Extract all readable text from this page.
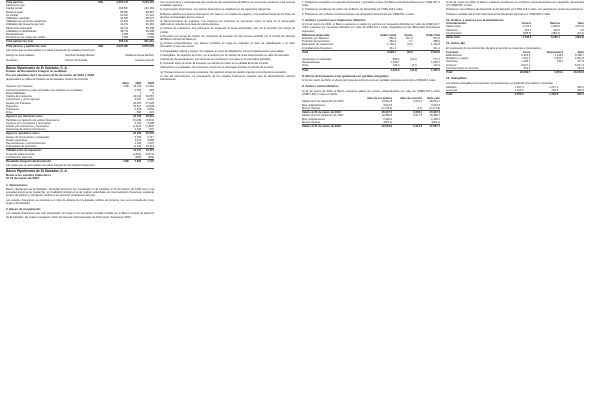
Total pasivos	US$	2,655,477	2,374,116
Patrimonio neto			
Capital social		166,557	121,463
Reserva legal		89,997	89,997
De capital		24,623	21,124
Utilidades retenidas		36,087	38,547
Utilidades de ejercicios anteriores		22,615	15,263
Utilidades del presente ejercicio		13,472	23,284
Patrimonio restringido		92,711	59,398
Utilidades no distribuibles		92,711	59,398
Revaluaciones		2,058	2,058
Provisiones por riesgo de crédito		2,058	2,058
Total patrimonio neto		366,107	301,410
Total pasivos y patrimonio neto	US$	3,021,584	2,675,526
Las notas que se acompañan son parte integral de los estados financieros.
Rodrigo de Jesús Gallardo	José Raúl Santiago Méndez	Natalia de Amaya Sánchez
Presidente	Director de Finanzas	Contador General
Banco Hipotecario de El Salvador, S. A.
Estado de Resultados Integral no auditado
Por los períodos del 1 de enero al 31 de marzo de 2024 y 2023
(Expresados en Miles de Dólares de los Estados Unidos de América)
	Nota	2024	2023
Ingresos por intereses	US$	44,715	37,916
Activos financieros a valor razonable con cambios en resultados		1,057	962
Disponibilidades		0	0
Cartera de préstamos		40,011	33,867
Comisiones y otros ingresos		3,647	3,087
Gastos por intereses		20,976	17,025
Depósitos		15,617	12,849
Préstamos		4,516	3,552
Otros		843	624
Ingresos por intereses netos		23,739	20,891
Pérdidas por deterioro de activos financieros		(5,118)	(3,612)
Ingresos por comisiones y honorarios		4,071	3,608
Gastos por comisiones y honorarios		(1,542)	(1,387)
Ganancias de activos financieros		1,019	876
Ingresos operativos netos		22,169	20,376
Gastos de funcionarios y empleados		5,784	5,117
Gastos generales		4,212	3,895
Depreciaciones y amortizaciones		1,046	1,007
Total gastos de operación		11,042	10,019
Utilidad antes de impuestos		11,127	10,357
Impuesto sobre la renta		(2,913)	(2,871)
Contribución especial		(382)	(349)
Resultado integral total del período	US$	7,832	7,137
Las notas que se acompañan son parte integral de los estados financieros.
Banco Hipotecario de El Salvador, S. A.
Notas a los estados financieros
Al 31 de marzo de 2024
1. Operaciones
Banco Hipotecario de El Salvador, Sociedad Anónima, fue constituido en El Salvador el 15 de febrero de 1935 como una sociedad anónima de capital fijo; su finalidad principal es la de realizar actividades de intermediación financiera, captando fondos del público y otorgando créditos a los sectores productivos del país.
Los estados financieros se expresan en miles de dólares de los Estados Unidos de América, que es la moneda de curso legal en El Salvador.
2. Bases de preparación
Los estados financieros han sido preparados con base en la normativa contable emitida por el Banco Central de Reserva de El Salvador, las cuales prevalecen sobre las Normas Internacionales de Información Financiera (NIIF).
Los compromisos y contingencias que surjan de las operaciones del Banco se reconocen conforme a las normas contables vigentes.
c) Instrumentos financieros. Los activos financieros se clasifican en las siguientes categorías:
El Banco clasifica sus activos financieros con base en su modelo de negocio y las características de los flujos de efectivo contractuales de los mismos.
d) Reconocimiento de ingresos. Los ingresos por intereses se reconocen sobre la base de lo devengado utilizando el método de la tasa de interés efectiva.
e) Cartera de préstamos. Los préstamos se presentan al costo amortizado, neto de la provisión por riesgo de crédito.
f) Provisión por riesgo de crédito. Se constituye de acuerdo con las normas emitidas por el Comité de Normas del Banco Central de Reserva.
g) Activos extraordinarios. Los bienes recibidos en pago se registran al valor de adjudicación o al valor razonable, el que sea menor.
h) Propiedades, planta y equipo. Se registran al costo de adquisición menos la depreciación acumulada.
i) Intangibles. Se registran al costo y se amortizan por el método de línea recta durante su vida útil estimada.
j) Reservas de saneamiento. Las reservas se constituyen con base en la normativa aplicable.
k) Impuesto sobre la renta. El impuesto se calcula con base en la utilidad fiscal del período.
l) Beneficios a empleados. Se reconocen conforme se devengan durante el período de servicio.
m) Transacciones en moneda extranjera. Se registran al tipo de cambio vigente a la fecha de la operación.
n) Uso de estimaciones. La preparación de los estados financieros requiere que la administración efectúe estimaciones.
1. Préstamos otorgados con garantía hipotecaria y prendaria a favor del Banco Central de Reserva por US$1,837.1 miles.
2. Préstamos pendientes de cobro con el Banco de Desarrollo por US$1,118.4 miles.
3. Préstamos con el Banco Centroamericano de Integración Económica por US$9,541.1 miles.
7. Activos y pasivos por impuestos diferidos
Al 31 de marzo de 2024, el Banco mantiene un saldo por activos por impuestos diferidos por valor de US$2,113.7 miles y pasivos por impuestos diferidos por valor de US$1,411.7 miles, originados por las diferencias temporarias siguientes:
Diferencia temporaria	Saldo inicial	Ajuste	Saldo final
Provisión por deterioro	882.3	(11.3)	871.0
Provisión de beneficios	484.3	3.7	488.0
Estimación de vacaciones	1,150.4	(0.6)	1,149.8
Arrendamiento financiero	311.1		311.1
Total	2,828.1	(8.2)	2,819.9
Ganancias no realizadas	806.2	(34.1)	772.1
Revaluaciones	1,039.7		1,039.7
Otros	129.3	(6.1)	123.2
Total	1,975.2	(40.2)	1,935.0
8. Efecto del impuesto a las ganancias en partidas integrales
Al 31 de marzo de 2024, el efecto del impuesto sobre la renta en partidas integrales asciende a US$348.6 miles.
9. Activos extraordinarios
Al 31 de marzo de 2024 el Banco mantiene saldos por activos extraordinarios por valor de US$20,047.4 miles (US$17,601.7 miles en 2023).
	Valor de los activos	Valor de reservas	Valor neto
Saldos al 31 de diciembre de 2023	24,611.8	6,007.1	18,604.7
Más: Adquisiciones	3,614.5		3,614.5
Menos: Retiros	(2,178.8)	(7.0)	(2,171.8)
Saldos al 31 de marzo de 2024	26,047.5	6,000.1	20,047.4
Saldos al 31 de diciembre de 2022	20,986.5	5,017.8	15,968.7
Más: Adquisiciones	2,448.1		2,448.1
Menos: Retiros	(815.1)		(815.1)
Saldos al 31 de marzo de 2023	22,619.5	5,017.8	17,601.7
Al 31 de marzo de 2024, el Banco mantiene préstamos con el Banco Centroamericano de Integración Económica por US$9,541.1 miles.
Préstamos con el Banco de Desarrollo de El Salvador por US$1,118.4 miles, con garantía de cartera de préstamos.
Préstamo recibido del Fondo Internacional de Desarrollo Agrícola por US$2,500.0 miles.
10. Activos y pasivos por arrendamiento
Arrendamientos	Activos	Pasivos	Neto
Saldo inicial	4,716.1	4,993.0	(276.9)
Adiciones	312.5	312.5	0.0
Amortización	(295.8)	(280.4)	(15.4)
Saldo final	4,732.8	5,025.1	(292.3)
11. Activo fijo
El movimiento de los activos fijos durante el período se presenta a continuación:
Concepto	Costo	Depreciación	Neto
Edificaciones	9,316.8	3,148.1	6,168.7
Mobiliario y equipo	7,214.6	5,612.7	1,601.9
Vehículos	1,108.3	790.4	317.9
Terrenos	5,017.2		5,017.2
Construcciones en proceso	412.6		412.6
Total	23,069.5	9,551.2	13,518.3
12. Intangibles
Los activos intangibles corresponden principalmente a programas informáticos y licencias.
Software	1,407.3	1,017.2	390.1
Licencias	1,143.2	716.6	426.6
Total	2,550.5	1,733.8	816.7
